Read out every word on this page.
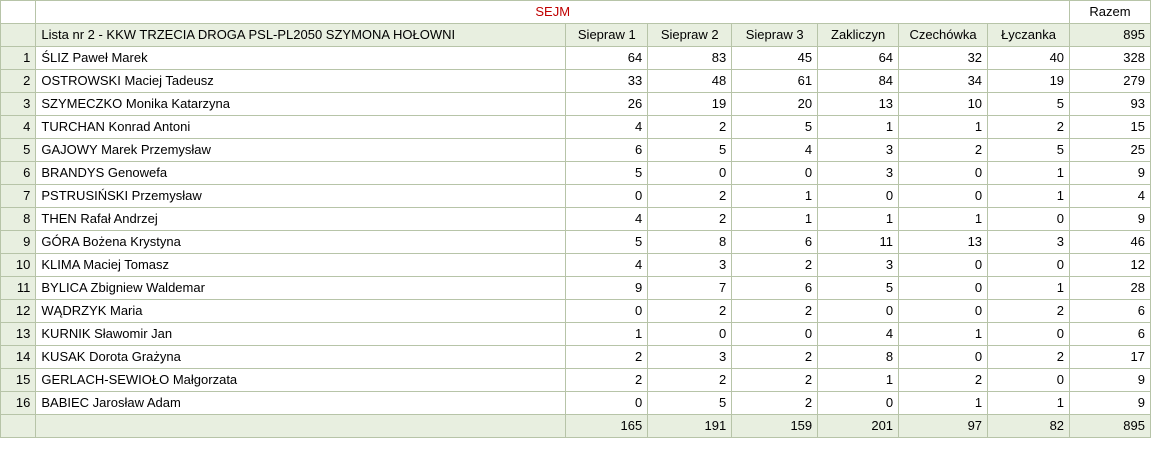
	SEJM							Razem
	Lista nr 2 - KKW TRZECIA DROGA PSL-PL2050 SZYMONA HOŁOWNI	Siepraw 1	Siepraw 2	Siepraw 3	Zakliczyn	Czechówka	Łyczanka	895
1	ŚLIZ Paweł Marek	64	83	45	64	32	40	328
2	OSTROWSKI Maciej Tadeusz	33	48	61	84	34	19	279
3	SZYMECZKO Monika Katarzyna	26	19	20	13	10	5	93
4	TURCHAN Konrad Antoni	4	2	5	1	1	2	15
5	GAJOWY Marek Przemysław	6	5	4	3	2	5	25
6	BRANDYS Genowefa	5	0	0	3	0	1	9
7	PSTRUSIŃSKI Przemysław	0	2	1	0	0	1	4
8	THEN Rafał Andrzej	4	2	1	1	1	0	9
9	GÓRA Bożena Krystyna	5	8	6	11	13	3	46
10	KLIMA Maciej Tomasz	4	3	2	3	0	0	12
11	BYLICA Zbigniew Waldemar	9	7	6	5	0	1	28
12	WĄDRZYK Maria	0	2	2	0	0	2	6
13	KURNIK Sławomir Jan	1	0	0	4	1	0	6
14	KUSAK Dorota Grażyna	2	3	2	8	0	2	17
15	GERLACH-SEWIOŁO Małgorzata	2	2	2	1	2	0	9
16	BABIEC Jarosław Adam	0	5	2	0	1	1	9
		165	191	159	201	97	82	895
